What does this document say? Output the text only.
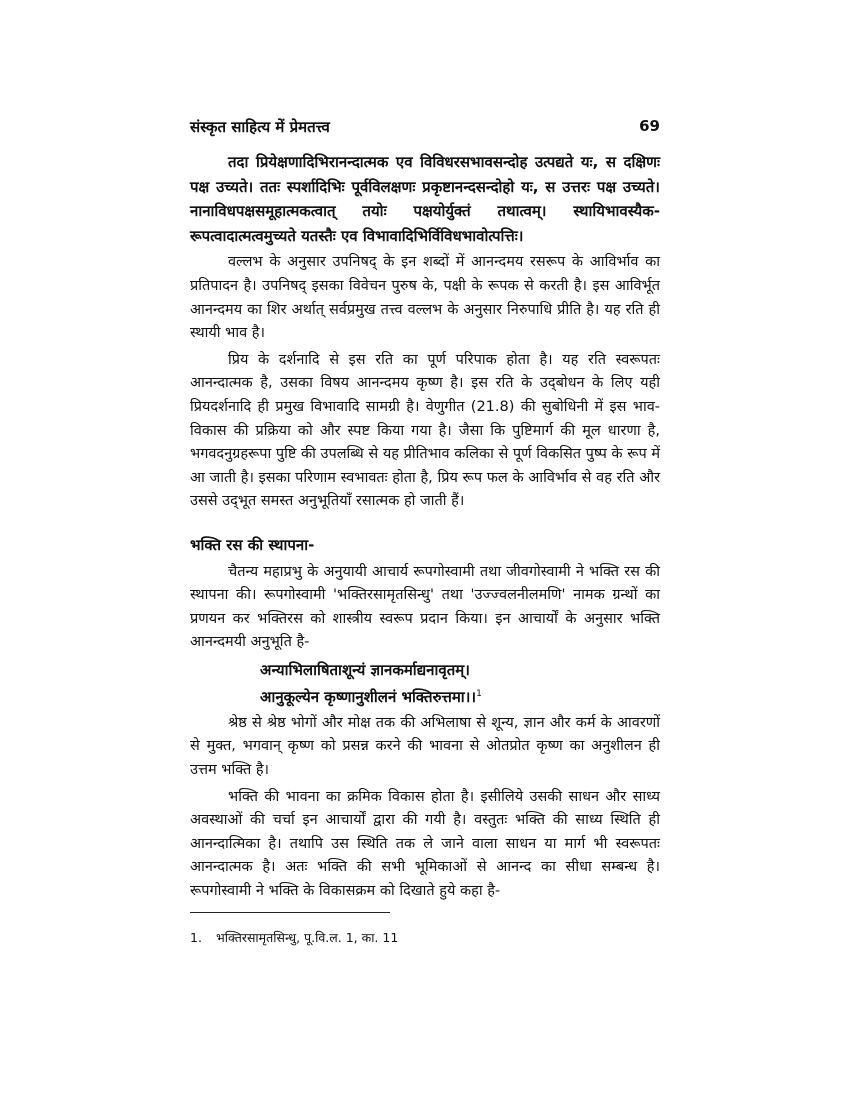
संस्कृत साहित्य में प्रेमतत्त्व	69

तदा प्रियेक्षणादिभिरानन्दात्मक एव विविधरसभावसन्दोह उत्पद्यते यः, स दक्षिणः पक्ष उच्यते। ततः स्पर्शादिभिः पूर्वविलक्षणः प्रकृष्टानन्दसन्दोहो यः, स उत्तरः पक्ष उच्यते। नानाविधपक्षसमूहात्मकत्वात् तयोः पक्षयोर्युक्तं तथात्वम्। स्थायिभावस्यैक- रूपत्वादात्मत्वमुच्यते यतस्तैः एव विभावादिभिर्विविधभावोत्पत्तिः।

वल्लभ के अनुसार उपनिषद् के इन शब्दों में आनन्दमय रसरूप के आविर्भाव का प्रतिपादन है। उपनिषद् इसका विवेचन पुरुष के, पक्षी के रूपक से करती है। इस आविर्भूत आनन्दमय का शिर अर्थात् सर्वप्रमुख तत्त्व वल्लभ के अनुसार निरुपाधि प्रीति है। यह रति ही स्थायी भाव है।

प्रिय के दर्शनादि से इस रति का पूर्ण परिपाक होता है। यह रति स्वरूपतः आनन्दात्मक है, उसका विषय आनन्दमय कृष्ण है। इस रति के उद्‌बोधन के लिए यही प्रियदर्शनादि ही प्रमुख विभावादि सामग्री है। वेणुगीत (21.8) की सुबोधिनी में इस भाव-विकास की प्रक्रिया को और स्पष्ट किया गया है। जैसा कि पुष्टिमार्ग की मूल धारणा है, भगवदनुग्रहरूपा पुष्टि की उपलब्धि से यह प्रीतिभाव कलिका से पूर्ण विकसित पुष्प के रूप में आ जाती है। इसका परिणाम स्वभावतः होता है, प्रिय रूप फल के आविर्भाव से वह रति और उससे उद्‌भूत समस्त अनुभूतियाँ रसात्मक हो जाती हैं।

भक्ति रस की स्थापना-

चैतन्य महाप्रभु के अनुयायी आचार्य रूपगोस्वामी तथा जीवगोस्वामी ने भक्ति रस की स्थापना की। रूपगोस्वामी 'भक्तिरसामृतसिन्धु' तथा 'उज्ज्वलनीलमणि' नामक ग्रन्थों का प्रणयन कर भक्तिरस को शास्त्रीय स्वरूप प्रदान किया। इन आचार्यों के अनुसार भक्ति आनन्दमयी अनुभूति है-

अन्याभिलाषिताशून्यं ज्ञानकर्माद्यनावृतम्।
आनुकूल्येन कृष्णानुशीलनं भक्तिरुत्तमा।।$^1$

श्रेष्ठ से श्रेष्ठ भोगों और मोक्ष तक की अभिलाषा से शून्य, ज्ञान और कर्म के आवरणों से मुक्त, भगवान् कृष्ण को प्रसन्न करने की भावना से ओतप्रोत कृष्ण का अनुशीलन ही उत्तम भक्ति है।

भक्ति की भावना का क्रमिक विकास होता है। इसीलिये उसकी साधन और साध्य अवस्थाओं की चर्चा इन आचार्यों द्वारा की गयी है। वस्तुतः भक्ति की साध्य स्थिति ही आनन्दात्मिका है। तथापि उस स्थिति तक ले जाने वाला साधन या मार्ग भी स्वरूपतः आनन्दात्मक है। अतः भक्ति की सभी भूमिकाओं से आनन्द का सीधा सम्बन्ध है। रूपगोस्वामी ने भक्ति के विकासक्रम को दिखाते हुये कहा है-

1. भक्तिरसामृतसिन्धु, पू.वि.ल. 1, का. 11
